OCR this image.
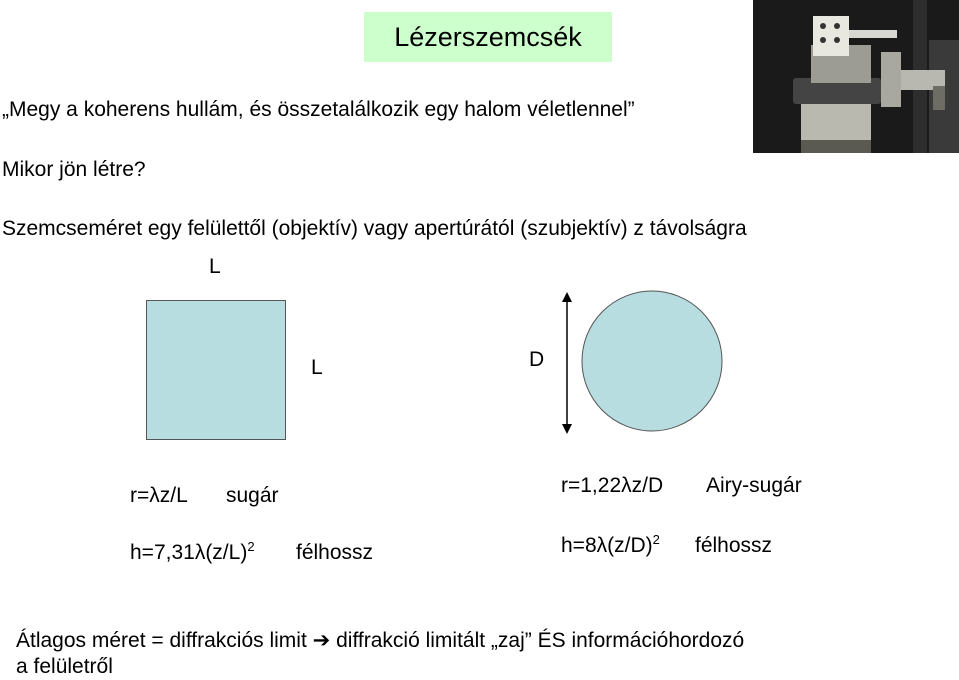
Lézerszemcsék
„Megy a koherens hullám, és összetalálkozik egy halom véletlennel”
Mikor jön létre?
Szemcseméret egy felülettől (objektív) vagy apertúrától (szubjektív) z távolságra
L
L	D
r=λz/L sugár
$h=7,31\lambda(z/L)^2$ félhossz
r=1,22λz/D Airy-sugár
$h=8\lambda(z/D)^2$ félhossz
Átlagos méret = diffrakciós limit ➔ diffrakció limitált „zaj” ÉS információhordozó
a felületről
